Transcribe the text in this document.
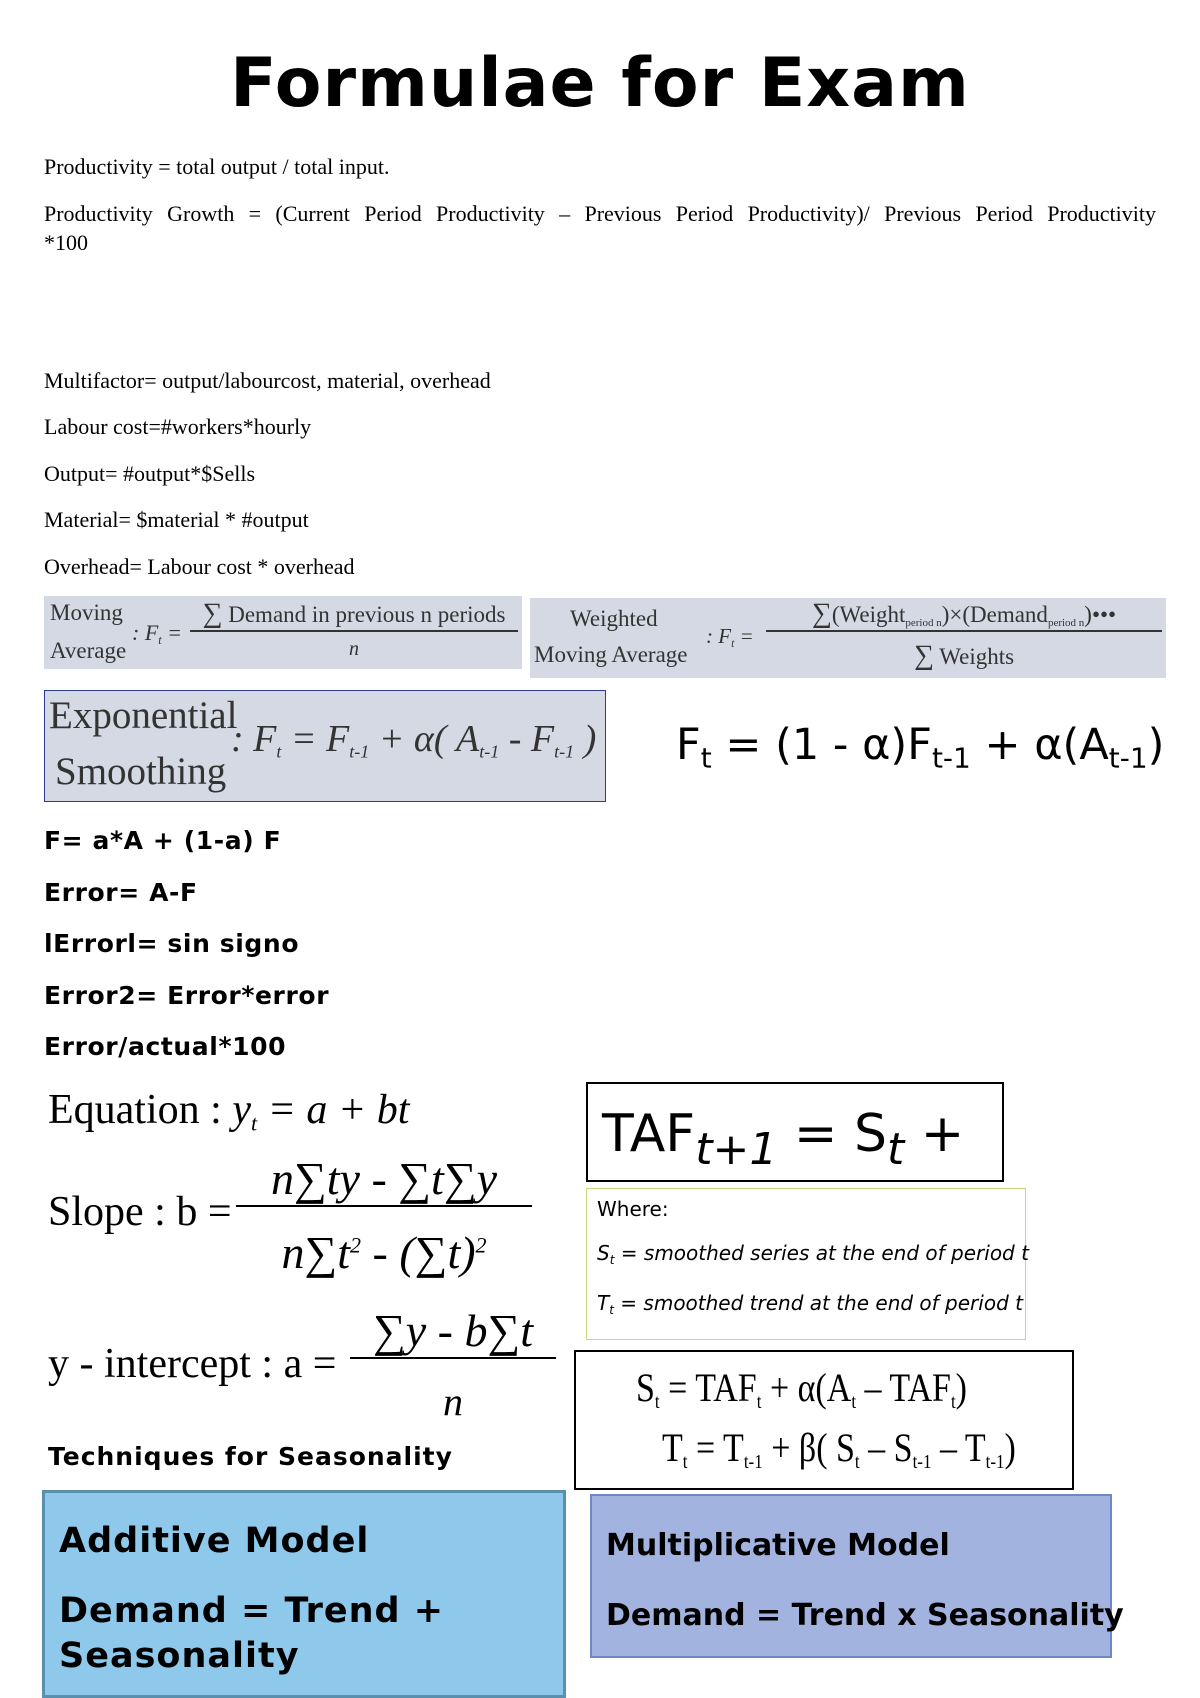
Formulae for Exam
Productivity = total output / total input.
Productivity Growth = (Current Period Productivity – Previous Period Productivity)/ Previous Period Productivity *100
Multifactor= output/labourcost, material, overhead
Labour cost=#workers*hourly
Output= #output*$Sells
Material= $material * #output
Overhead= Labour cost * overhead
Moving
Average
: $F_t$ =
∑ Demand in previous n periods
n
Weighted
Moving Average
: $F_t$ =
∑(Weight$_{period n}$)×(Demand$_{period n}$)•••
∑ Weights
Exponential
Smoothing
: $F_t = F_{t-1} + \alpha$( $A_{t-1} - F_{t-1}$ ) $F_t = (1 - \alpha)F_{t-1} + \alpha(A_{t-1})$
F= a*A + (1-a) F
Error= A-F
lErrorl= sin signo
Error2= Error*error
Error/actual*100
Equation : $y_t = a$ + bt
Slope : b =
n∑ty - ∑t∑y
$n\sum t^2 - (\sum t)^2$
y - intercept : a =
∑y - b∑t
n
$TAF_{t+1} = S_t$ +
Where:
$S_t$ = smoothed series at the end of period t
$T_t$ = smoothed trend at the end of period t
$S_t = TAF_t + \alpha(A_t - TAF_t)$
$T_t = T_{t-1} + \beta$( $S_t - S_{t-1} - T_{t-1}$)
Techniques for Seasonality
Additive Model
Demand = Trend + Seasonality
Multiplicative Model
Demand = Trend x Seasonality
